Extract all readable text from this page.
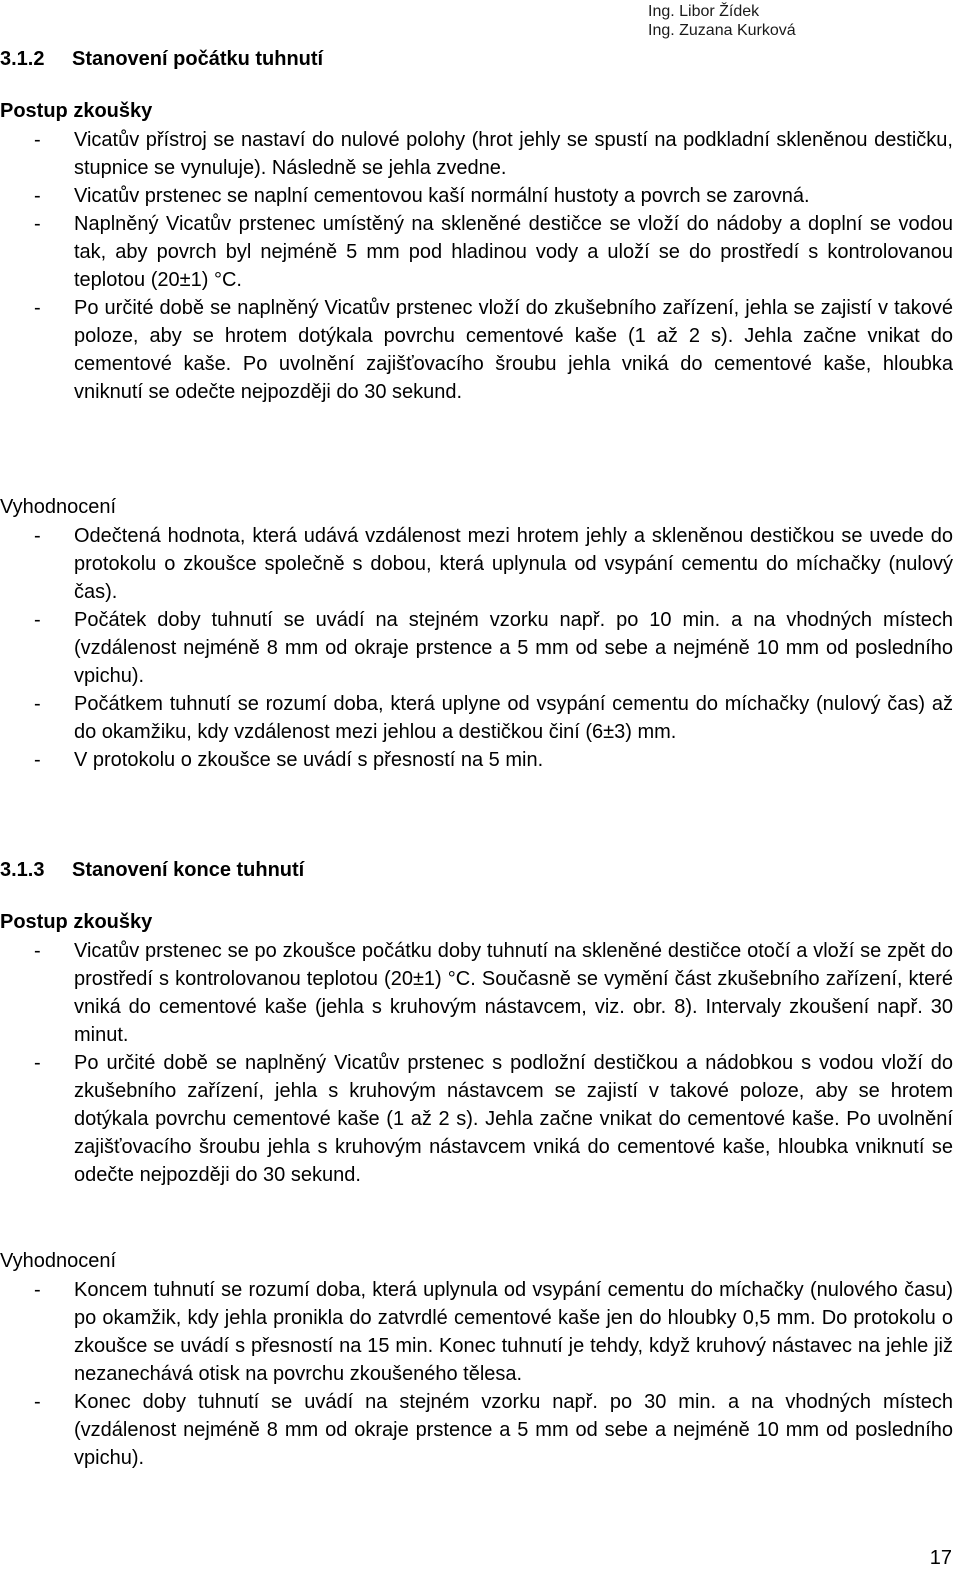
Ing. Libor Žídek
Ing. Zuzana Kurková
3.1.2 Stanovení počátku tuhnutí
Postup zkoušky
- Vicatův přístroj se nastaví do nulové polohy (hrot jehly se spustí na podkladní skleněnou destičku, stupnice se vynuluje). Následně se jehla zvedne.
- Vicatův prstenec se naplní cementovou kaší normální hustoty a povrch se zarovná.
- Naplněný Vicatův prstenec umístěný na skleněné destičce se vloží do nádoby a doplní se vodou tak, aby povrch byl nejméně 5 mm pod hladinou vody a uloží se do prostředí s kontrolovanou teplotou (20±1) °C.
- Po určité době se naplněný Vicatův prstenec vloží do zkušebního zařízení, jehla se zajistí v takové poloze, aby se hrotem dotýkala povrchu cementové kaše (1 až 2 s). Jehla začne vnikat do cementové kaše. Po uvolnění zajišťovacího šroubu jehla vniká do cementové kaše, hloubka vniknutí se odečte nejpozději do 30 sekund.
Vyhodnocení
- Odečtená hodnota, která udává vzdálenost mezi hrotem jehly a skleněnou destičkou se uvede do protokolu o zkoušce společně s dobou, která uplynula od vsypání cementu do míchačky (nulový čas).
- Počátek doby tuhnutí se uvádí na stejném vzorku např. po 10 min. a na vhodných místech (vzdálenost nejméně 8 mm od okraje prstence a 5 mm od sebe a nejméně 10 mm od posledního vpichu).
- Počátkem tuhnutí se rozumí doba, která uplyne od vsypání cementu do míchačky (nulový čas) až do okamžiku, kdy vzdálenost mezi jehlou a destičkou činí (6±3) mm.
- V protokolu o zkoušce se uvádí s přesností na 5 min.
3.1.3 Stanovení konce tuhnutí
Postup zkoušky
- Vicatův prstenec se po zkoušce počátku doby tuhnutí na skleněné destičce otočí a vloží se zpět do prostředí s kontrolovanou teplotou (20±1) °C. Současně se vymění část zkušebního zařízení, které vniká do cementové kaše (jehla s kruhovým nástavcem, viz. obr. 8). Intervaly zkoušení např. 30 minut.
- Po určité době se naplněný Vicatův prstenec s podložní destičkou a nádobkou s vodou vloží do zkušebního zařízení, jehla s kruhovým nástavcem se zajistí v takové poloze, aby se hrotem dotýkala povrchu cementové kaše (1 až 2 s). Jehla začne vnikat do cementové kaše. Po uvolnění zajišťovacího šroubu jehla s kruhovým nástavcem vniká do cementové kaše, hloubka vniknutí se odečte nejpozději do 30 sekund.
Vyhodnocení
- Koncem tuhnutí se rozumí doba, která uplynula od vsypání cementu do míchačky (nulového času) po okamžik, kdy jehla pronikla do zatvrdlé cementové kaše jen do hloubky 0,5 mm. Do protokolu o zkoušce se uvádí s přesností na 15 min. Konec tuhnutí je tehdy, když kruhový nástavec na jehle již nezanechává otisk na povrchu zkoušeného tělesa.
- Konec doby tuhnutí se uvádí na stejném vzorku např. po 30 min. a na vhodných místech (vzdálenost nejméně 8 mm od okraje prstence a 5 mm od sebe a nejméně 10 mm od posledního vpichu).
17
